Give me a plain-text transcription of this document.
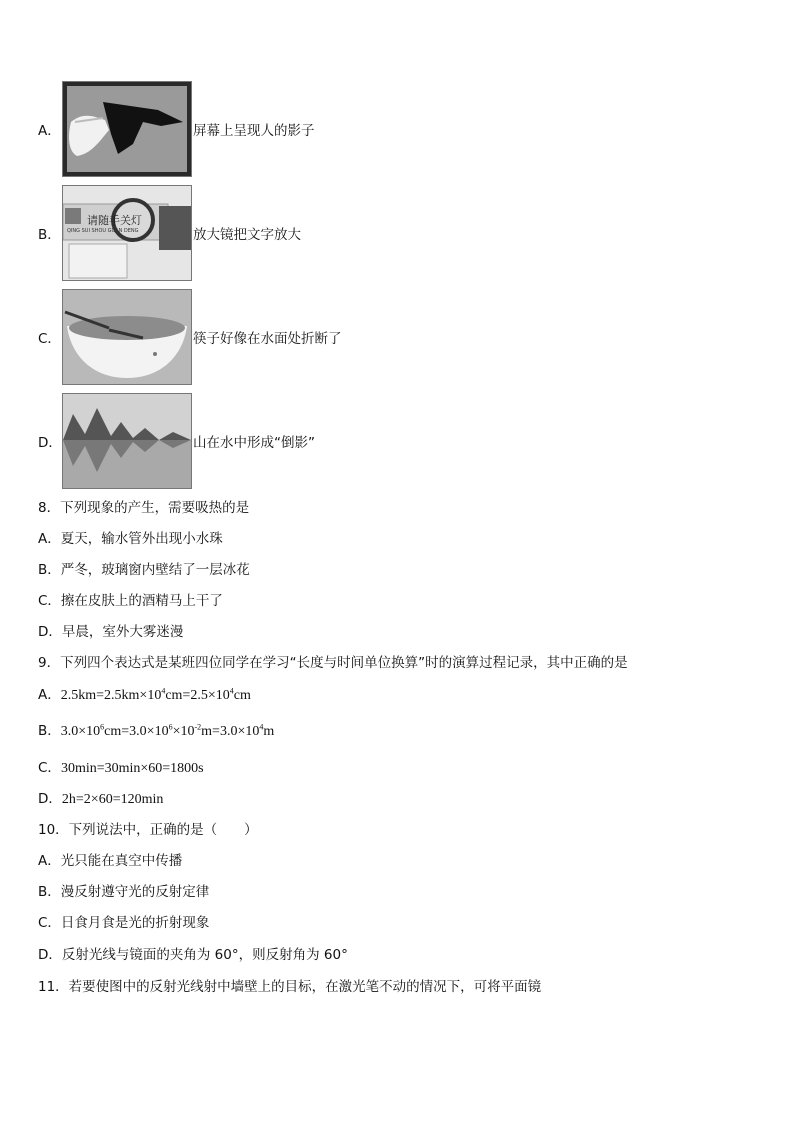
A．	屏幕上呈现人的影子
B．
请随手关灯
QING SUI SHOU GUAN DENG	放大镜把文字放大
C．	筷子好像在水面处折断了
D．	山在水中形成“倒影”
8．下列现象的产生，需要吸热的是
A．夏天，输水管外出现小水珠
B．严冬，玻璃窗内壁结了一层冰花
C．擦在皮肤上的酒精马上干了
D．早晨，室外大雾迷漫
9．下列四个表达式是某班四位同学在学习“长度与时间单位换算”时的演算过程记录，其中正确的是
A．$2.5km=2.5km\times 10^4cm=2.5\times 10^4cm$
B．$3.0\times 10^6cm=3.0\times 10^6\times 10^{-2}m=3.0\times 10^4m$
C．30min=30min×60=1800s
D．2h=2×60=120min
10．下列说法中，正确的是（　　）
A．光只能在真空中传播
B．漫反射遵守光的反射定律
C．日食月食是光的折射现象
D．反射光线与镜面的夹角为 60°，则反射角为 60°
11．若要使图中的反射光线射中墙壁上的目标，在激光笔不动的情况下，可将平面镜
